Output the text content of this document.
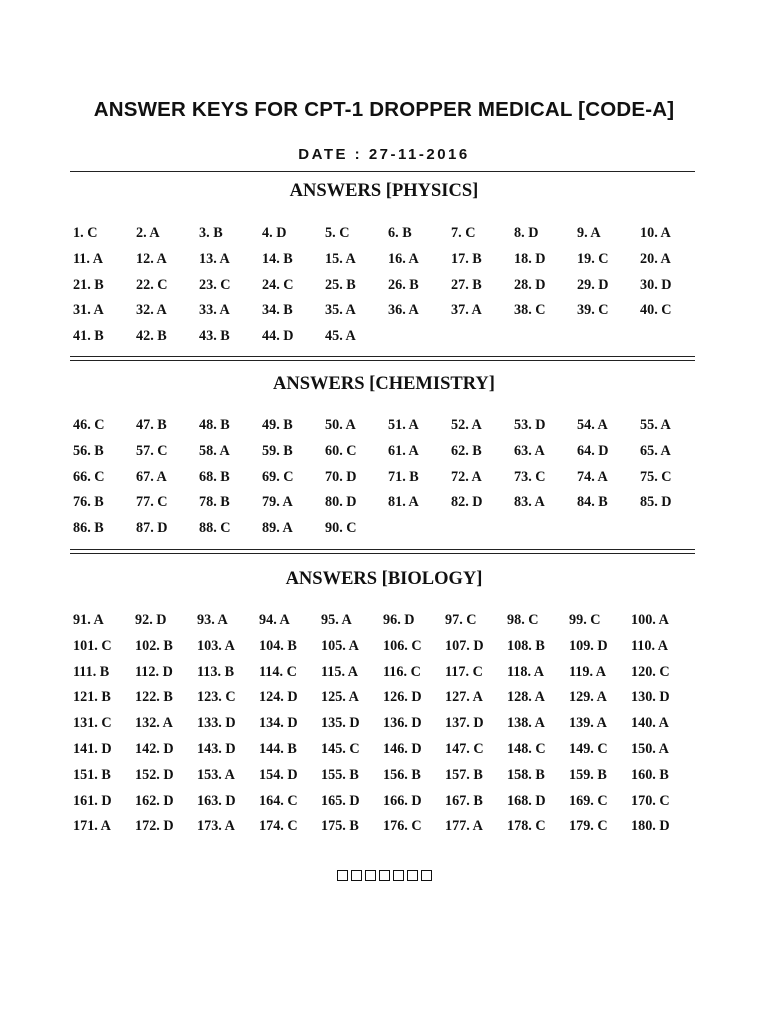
ANSWER KEYS FOR CPT-1 DROPPER MEDICAL [CODE-A]
DATE : 27-11-2016
ANSWERS [PHYSICS]
1. C	2. A	3. B	4. D	5. C	6. B	7. C	8. D	9. A	10. A
11. A	12. A	13. A	14. B	15. A	16. A	17. B	18. D	19. C	20. A
21. B	22. C	23. C	24. C	25. B	26. B	27. B	28. D	29. D	30. D
31. A	32. A	33. A	34. B	35. A	36. A	37. A	38. C	39. C	40. C
41. B	42. B	43. B	44. D	45. A
ANSWERS [CHEMISTRY]
46. C	47. B	48. B	49. B	50. A	51. A	52. A	53. D	54. A	55. A
56. B	57. C	58. A	59. B	60. C	61. A	62. B	63. A	64. D	65. A
66. C	67. A	68. B	69. C	70. D	71. B	72. A	73. C	74. A	75. C
76. B	77. C	78. B	79. A	80. D	81. A	82. D	83. A	84. B	85. D
86. B	87. D	88. C	89. A	90. C
ANSWERS [BIOLOGY]
91. A	92. D	93. A	94. A	95. A	96. D	97. C	98. C	99. C	100. A
101. C	102. B	103. A	104. B	105. A	106. C	107. D	108. B	109. D	110. A
111. B	112. D	113. B	114. C	115. A	116. C	117. C	118. A	119. A	120. C
121. B	122. B	123. C	124. D	125. A	126. D	127. A	128. A	129. A	130. D
131. C	132. A	133. D	134. D	135. D	136. D	137. D	138. A	139. A	140. A
141. D	142. D	143. D	144. B	145. C	146. D	147. C	148. C	149. C	150. A
151. B	152. D	153. A	154. D	155. B	156. B	157. B	158. B	159. B	160. B
161. D	162. D	163. D	164. C	165. D	166. D	167. B	168. D	169. C	170. C
171. A	172. D	173. A	174. C	175. B	176. C	177. A	178. C	179. C	180. D
